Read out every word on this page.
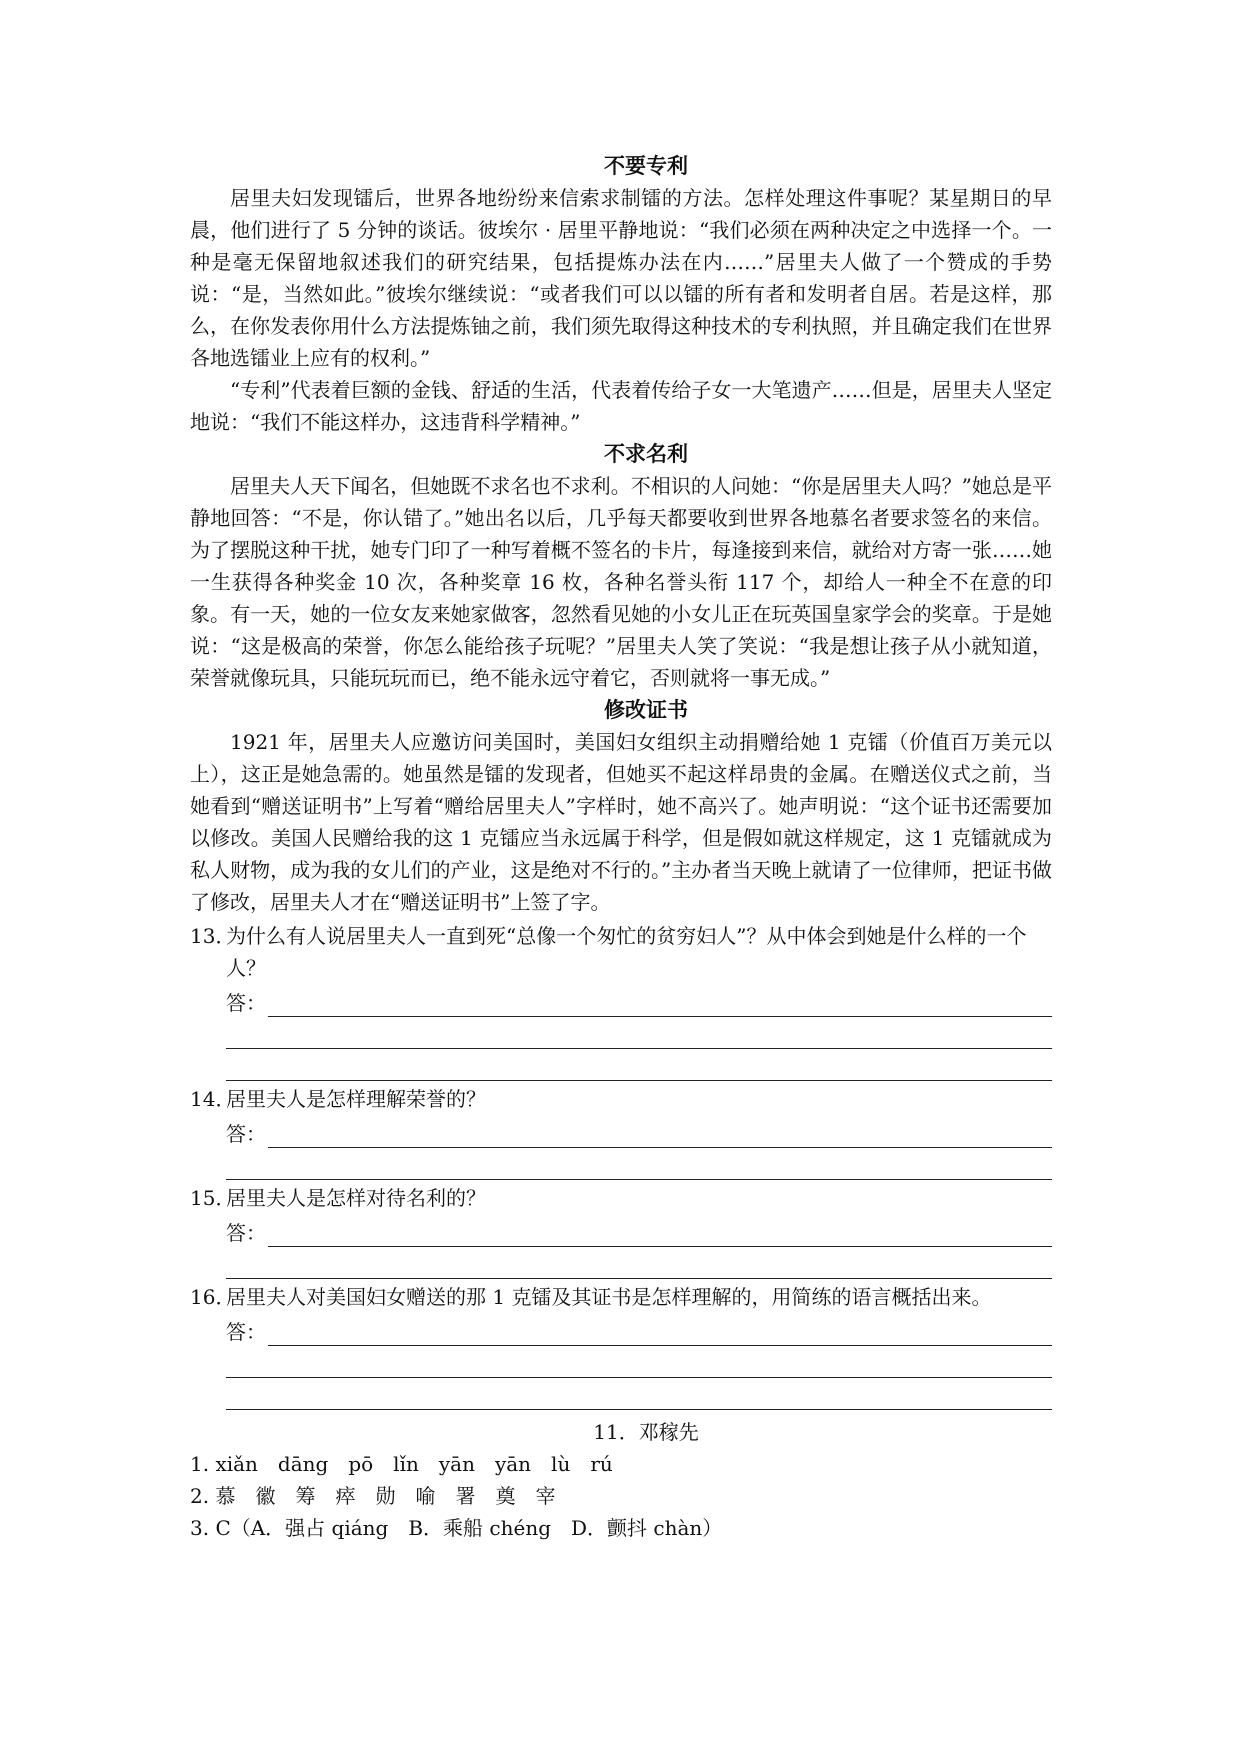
不要专利

居里夫妇发现镭后，世界各地纷纷来信索求制镭的方法。怎样处理这件事呢？某星期日的早晨，他们进行了 5 分钟的谈话。彼埃尔 · 居里平静地说：“我们必须在两种决定之中选择一个。一种是毫无保留地叙述我们的研究结果，包括提炼办法在内……”居里夫人做了一个赞成的手势说：“是，当然如此。”彼埃尔继续说：“或者我们可以以镭的所有者和发明者自居。若是这样，那么，在你发表你用什么方法提炼铀之前，我们须先取得这种技术的专利执照，并且确定我们在世界各地选镭业上应有的权利。”

“专利”代表着巨额的金钱、舒适的生活，代表着传给子女一大笔遗产……但是，居里夫人坚定地说：“我们不能这样办，这违背科学精神。”

不求名利

居里夫人天下闻名，但她既不求名也不求利。不相识的人问她：“你是居里夫人吗？”她总是平静地回答：“不是，你认错了。”她出名以后，几乎每天都要收到世界各地慕名者要求签名的来信。为了摆脱这种干扰，她专门印了一种写着概不签名的卡片，每逢接到来信，就给对方寄一张……她一生获得各种奖金 10 次，各种奖章 16 枚，各种名誉头衔 117 个，却给人一种全不在意的印象。有一天，她的一位女友来她家做客，忽然看见她的小女儿正在玩英国皇家学会的奖章。于是她说：“这是极高的荣誉，你怎么能给孩子玩呢？”居里夫人笑了笑说：“我是想让孩子从小就知道，荣誉就像玩具，只能玩玩而已，绝不能永远守着它，否则就将一事无成。”

修改证书

1921 年，居里夫人应邀访问美国时，美国妇女组织主动捐赠给她 1 克镭（价值百万美元以上），这正是她急需的。她虽然是镭的发现者，但她买不起这样昂贵的金属。在赠送仪式之前，当她看到“赠送证明书”上写着“赠给居里夫人”字样时，她不高兴了。她声明说：“这个证书还需要加以修改。美国人民赠给我的这 1 克镭应当永远属于科学，但是假如就这样规定，这 1 克镭就成为私人财物，成为我的女儿们的产业，这是绝对不行的。”主办者当天晚上就请了一位律师，把证书做了修改，居里夫人才在“赠送证明书”上签了字。

13．
为什么有人说居里夫人一直到死“总像一个匆忙的贫穷妇人”？从中体会到她是什么样的一个人？
答：
14．
居里夫人是怎样理解荣誉的？
答：
15．
居里夫人是怎样对待名利的？
答：
16．
居里夫人对美国妇女赠送的那 1 克镭及其证书是怎样理解的，用简练的语言概括出来。
答：
11．邓稼先

1. xiǎn　dāng　pō　lǐn　yān　yān　lù　rú

2. 慕　徽　筹　瘁　勋　喻　署　奠　宰

3. C（A．强占 qiáng　B．乘船 chéng　D．颤抖 chàn）
